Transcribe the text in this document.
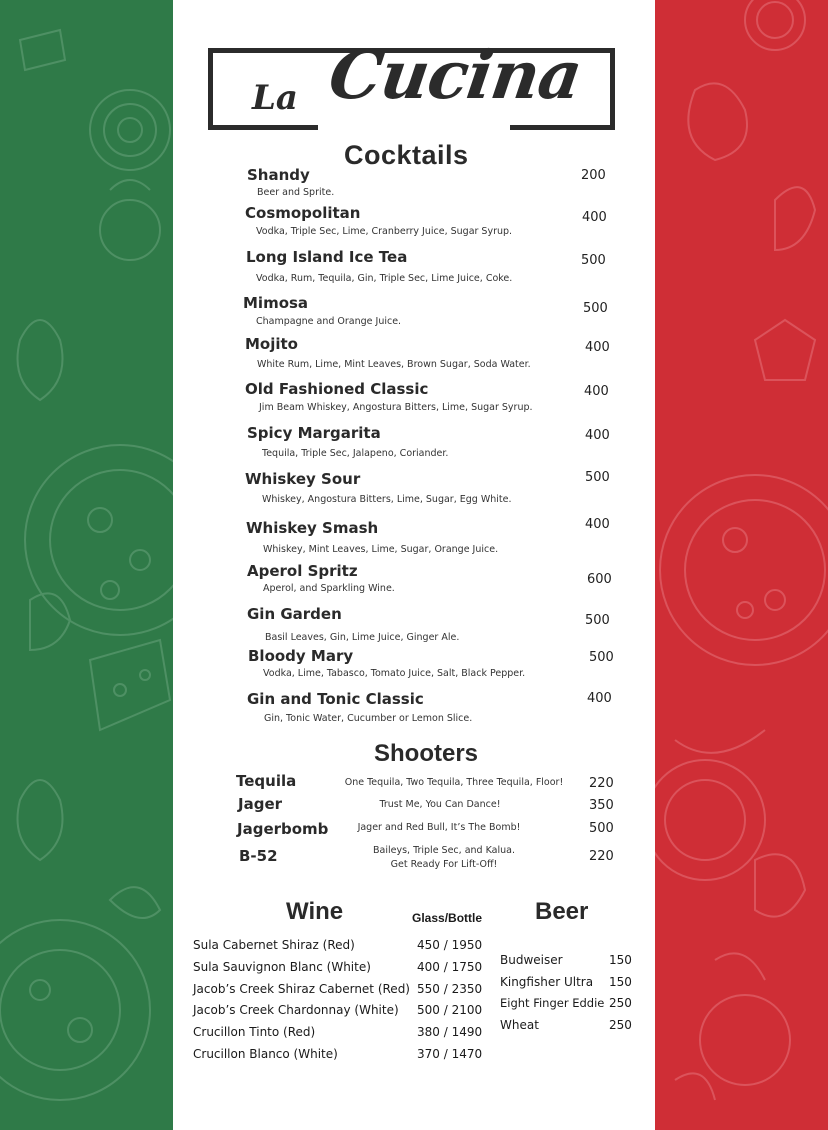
La Cucina
Cocktails
Shandy
Beer and Sprite.
200
Cosmopolitan
Vodka, Triple Sec, Lime, Cranberry Juice, Sugar Syrup.
400
Long Island Ice Tea
Vodka, Rum, Tequila, Gin, Triple Sec, Lime Juice, Coke.
500
Mimosa
Champagne and Orange Juice.
500
Mojito
White Rum, Lime, Mint Leaves, Brown Sugar, Soda Water.
400
Old Fashioned Classic
Jim Beam Whiskey, Angostura Bitters, Lime, Sugar Syrup.
400
Spicy Margarita
Tequila, Triple Sec, Jalapeno, Coriander.
400
Whiskey Sour
Whiskey, Angostura Bitters, Lime, Sugar, Egg White.
500
Whiskey Smash
Whiskey, Mint Leaves, Lime, Sugar, Orange Juice.
400
Aperol Spritz
Aperol, and Sparkling Wine.
600
Gin Garden
Basil Leaves, Gin, Lime Juice, Ginger Ale.
500
Bloody Mary
Vodka, Lime, Tabasco, Tomato Juice, Salt, Black Pepper.
500
Gin and Tonic Classic
Gin, Tonic Water, Cucumber or Lemon Slice.
400
Shooters
Tequila	One Tequila, Two Tequila, Three Tequila, Floor!	220
Jager	Trust Me, You Can Dance!	350
Jagerbomb	Jager and Red Bull, It’s The Bomb!	500
B-52	Baileys, Triple Sec, and Kalua.
Get Ready For Lift-Off!
220
Wine	Glass/Bottle
Sula Cabernet Shiraz (Red)	450 / 1950
Sula Sauvignon Blanc (White)	400 / 1750
Jacob’s Creek Shiraz Cabernet (Red) 550 / 2350
Jacob’s Creek Chardonnay (White) 500 / 2100
Crucillon Tinto (Red)	380 / 1490
Crucillon Blanco (White)	370 / 1470
Beer
Budweiser	150
Kingfisher Ultra 150
Eight Finger Eddie 250
Wheat	250
